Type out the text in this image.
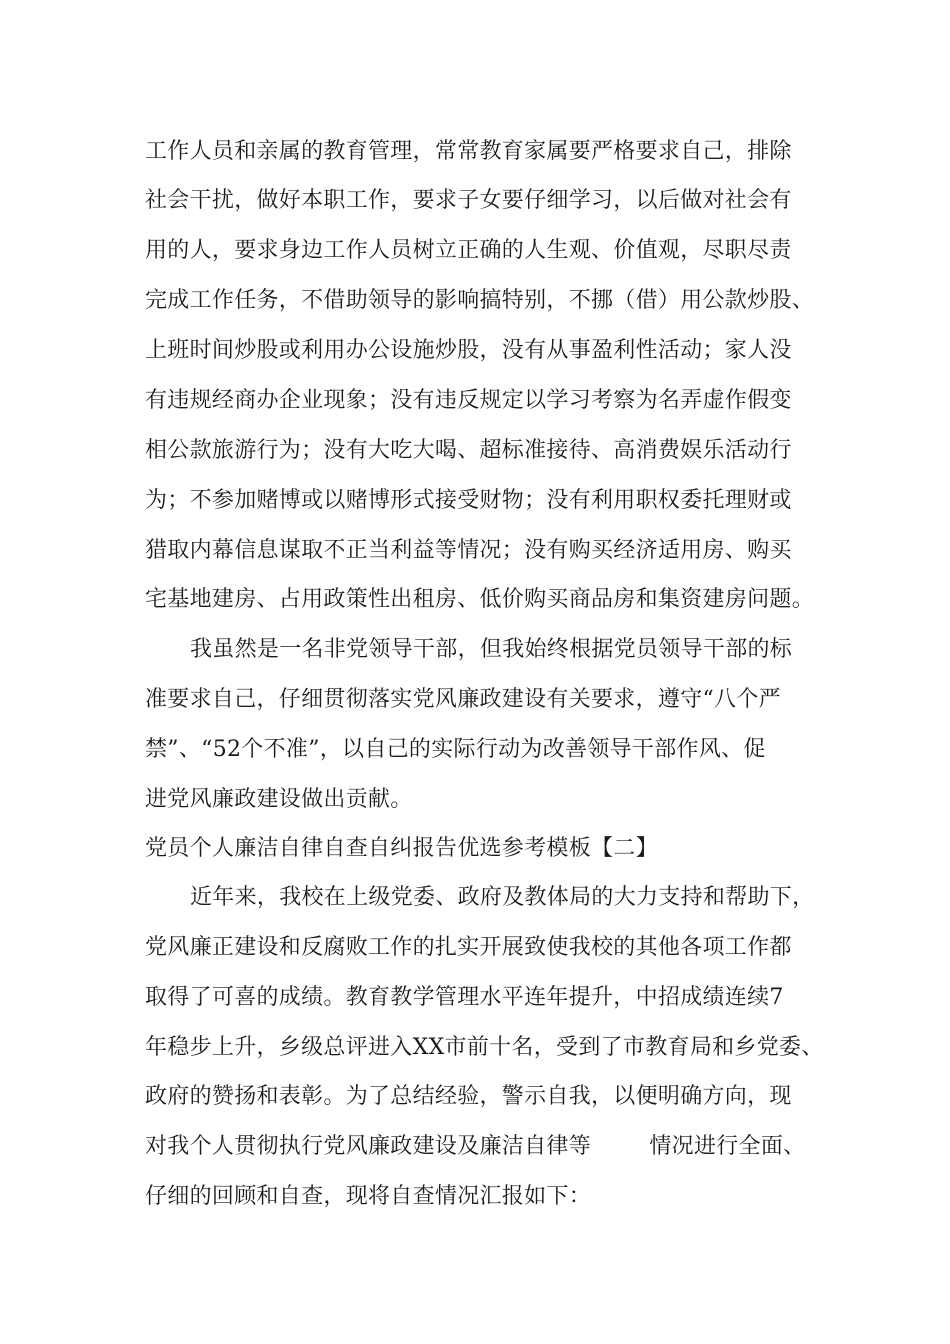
工作人员和亲属的教育管理，常常教育家属要严格要求自己，排除
社会干扰，做好本职工作，要求子女要仔细学习，以后做对社会有
用的人，要求身边工作人员树立正确的人生观、价值观，尽职尽责
完成工作任务，不借助领导的影响搞特别，不挪（借）用公款炒股、
上班时间炒股或利用办公设施炒股，没有从事盈利性活动；家人没
有违规经商办企业现象；没有违反规定以学习考察为名弄虚作假变
相公款旅游行为；没有大吃大喝、超标准接待、高消费娱乐活动行
为；不参加赌博或以赌博形式接受财物；没有利用职权委托理财或
猎取内幕信息谋取不正当利益等情况；没有购买经济适用房、购买
宅基地建房、占用政策性出租房、低价购买商品房和集资建房问题。
我虽然是一名非党领导干部，但我始终根据党员领导干部的标
准要求自己，仔细贯彻落实党风廉政建设有关要求，遵守“八个严
禁”、“52个不准”，以自己的实际行动为改善领导干部作风、促
进党风廉政建设做出贡献。
党员个人廉洁自律自查自纠报告优选参考模板【二】
近年来，我校在上级党委、政府及教体局的大力支持和帮助下，
党风廉正建设和反腐败工作的扎实开展致使我校的其他各项工作都
取得了可喜的成绩。教育教学管理水平连年提升，中招成绩连续7
年稳步上升，乡级总评进入XX市前十名，受到了市教育局和乡党委、
政府的赞扬和表彰。为了总结经验，警示自我，以便明确方向，现
对我个人贯彻执行党风廉政建设及廉洁自律等        情况进行全面、
仔细的回顾和自查，现将自查情况汇报如下：
